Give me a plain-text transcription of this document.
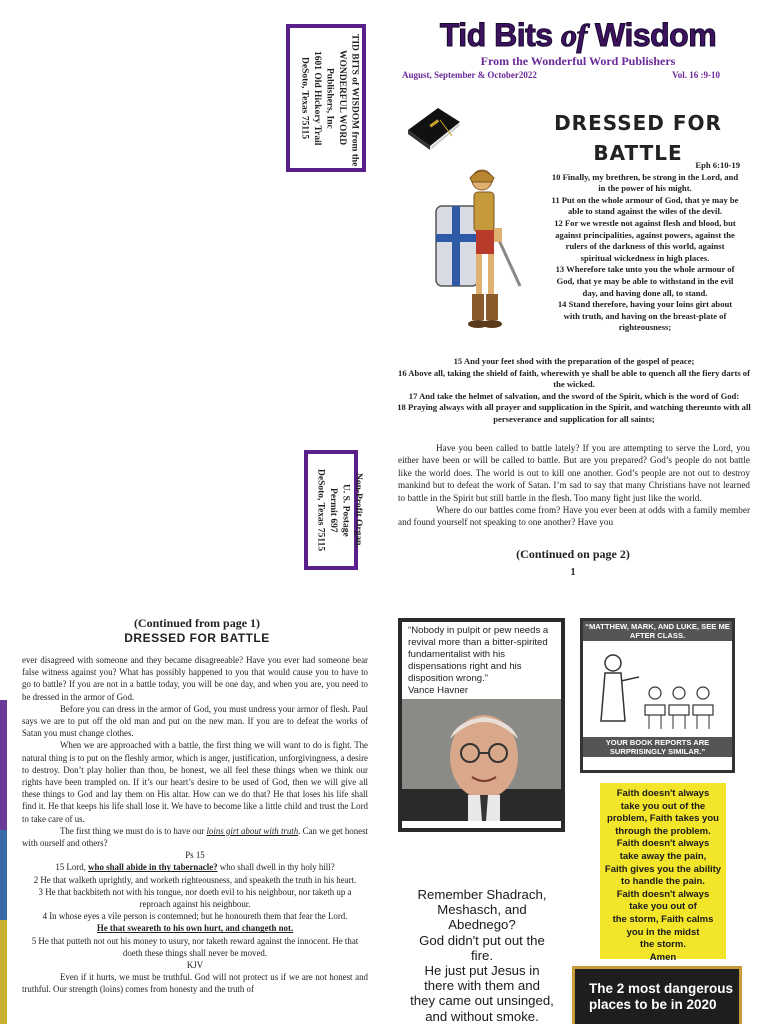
TID BITS of WISDOM from the
WONDERFUL WORD
Publishers, Inc
1601 Old Hickory Trail
DeSoto, Texas 75115
Non-Profit Organ.
U. S. Postage
Permit 697
DeSoto, Texas 75115
Tid Bits of Wisdom
From the Wonderful Word Publishers
August, September & October2022	Vol. 16 :9-10
DRESSED FOR
BATTLE	Eph 6:10-19
10 Finally, my brethren, be strong in the Lord, and in the power of his might.
11 Put on the whole armour of God, that ye may be able to stand against the wiles of the devil.
12 For we wrestle not against flesh and blood, but against principalities, against powers, against the rulers of the darkness of this world, against spiritual wickedness in high places.
13 Wherefore take unto you the whole armour of God, that ye may be able to withstand in the evil day, and having done all, to stand.
14 Stand therefore, having your loins girt about with truth, and having on the breast-plate of righteousness;
15 And your feet shod with the preparation of the gospel of peace;
16 Above all, taking the shield of faith, wherewith ye shall be able to quench all the fiery darts of the wicked.
17 And take the helmet of salvation, and the sword of the Spirit, which is the word of God:
18 Praying always with all prayer and supplication in the Spirit, and watching thereunto with all perseverance and supplication for all saints;

Have you been called to battle lately? If you are attempting to serve the Lord, you either have been or will be called to battle. But are you prepared? God’s people do not battle like the world does. The world is out to kill one another. God’s people are not out to destroy mankind but to defeat the work of Satan. I’m sad to say that many Christians have not learned to battle in the Spirit but still battle in the flesh. Too many fight just like the world.

Where do our battles come from? Have you ever been at odds with a family member and found yourself not speaking to one another? Have you

(Continued on page 2)
1
(Continued from page 1)
DRESSED FOR BATTLE

ever disagreed with someone and they became disagreeable? Have you ever had someone bear false witness against you? What has possibly happened to you that would cause you to have to go to battle? If you are not in a battle today, you will be one day, and when you are, you need to be dressed in the armor of God.

Before you can dress in the armor of God, you must undress your armor of flesh. Paul says we are to put off the old man and put on the new man. If you are to defeat the works of Satan you must change clothes.

When we are approached with a battle, the first thing we will want to do is fight. The natural thing is to put on the fleshly armor, which is anger, justification, unforgivingness, a desire to destroy. Don’t play holier than thou, be honest, we all feel these things when we think our rights have been trampled on. If it’s our heart’s desire to be used of God, then we will give all these things to God and lay them on His altar. How can we do that? He that loses his life shall find it. He that keeps his life shall lose it. We have to become like a little child and trust the Lord to take care of us.

The first thing we must do is to have our loins girt about with truth. Can we get honest with ourself and others?

Ps 15

15 Lord, who shall abide in thy tabernacle? who shall dwell in thy holy hill?

2 He that walketh uprightly, and worketh righteousness, and speaketh the truth in his heart.

3 He that backbiteth not with his tongue, nor doeth evil to his neighbour, nor taketh up a reproach against his neighbour.

4 In whose eyes a vile person is contemned; but he honoureth them that fear the Lord.

He that sweareth to his own hurt, and changeth not.

5 He that putteth not out his money to usury, nor taketh reward against the innocent. He that doeth these things shall never be moved.

KJV

Even if it hurts, we must be truthful. God will not protect us if we are not honest and truthful. Our strength (loins) comes from honesty and the truth of

“Nobody in pulpit or pew needs a revival more than a bitter-spirited fundamentalist with his dispensations right and his disposition wrong.”
Vance Havner
“MATTHEW, MARK, AND LUKE, SEE ME AFTER CLASS.
YOUR BOOK REPORTS ARE SURPRISINGLY SIMILAR.”
Faith doesn't always
take you out of the
problem, Faith takes you
through the problem.
Faith doesn't always
take away the pain,
Faith gives you the ability
to handle the pain.
Faith doesn't always
take you out of
the storm, Faith calms
you in the midst
the storm.
Amen
Remember Shadrach,
Meshasch, and
Abednego?
God didn't put out the
fire.
He just put Jesus in
there with them and
they came out unsinged,
and without smoke.
The 2 most dangerous
places to be in 2020
